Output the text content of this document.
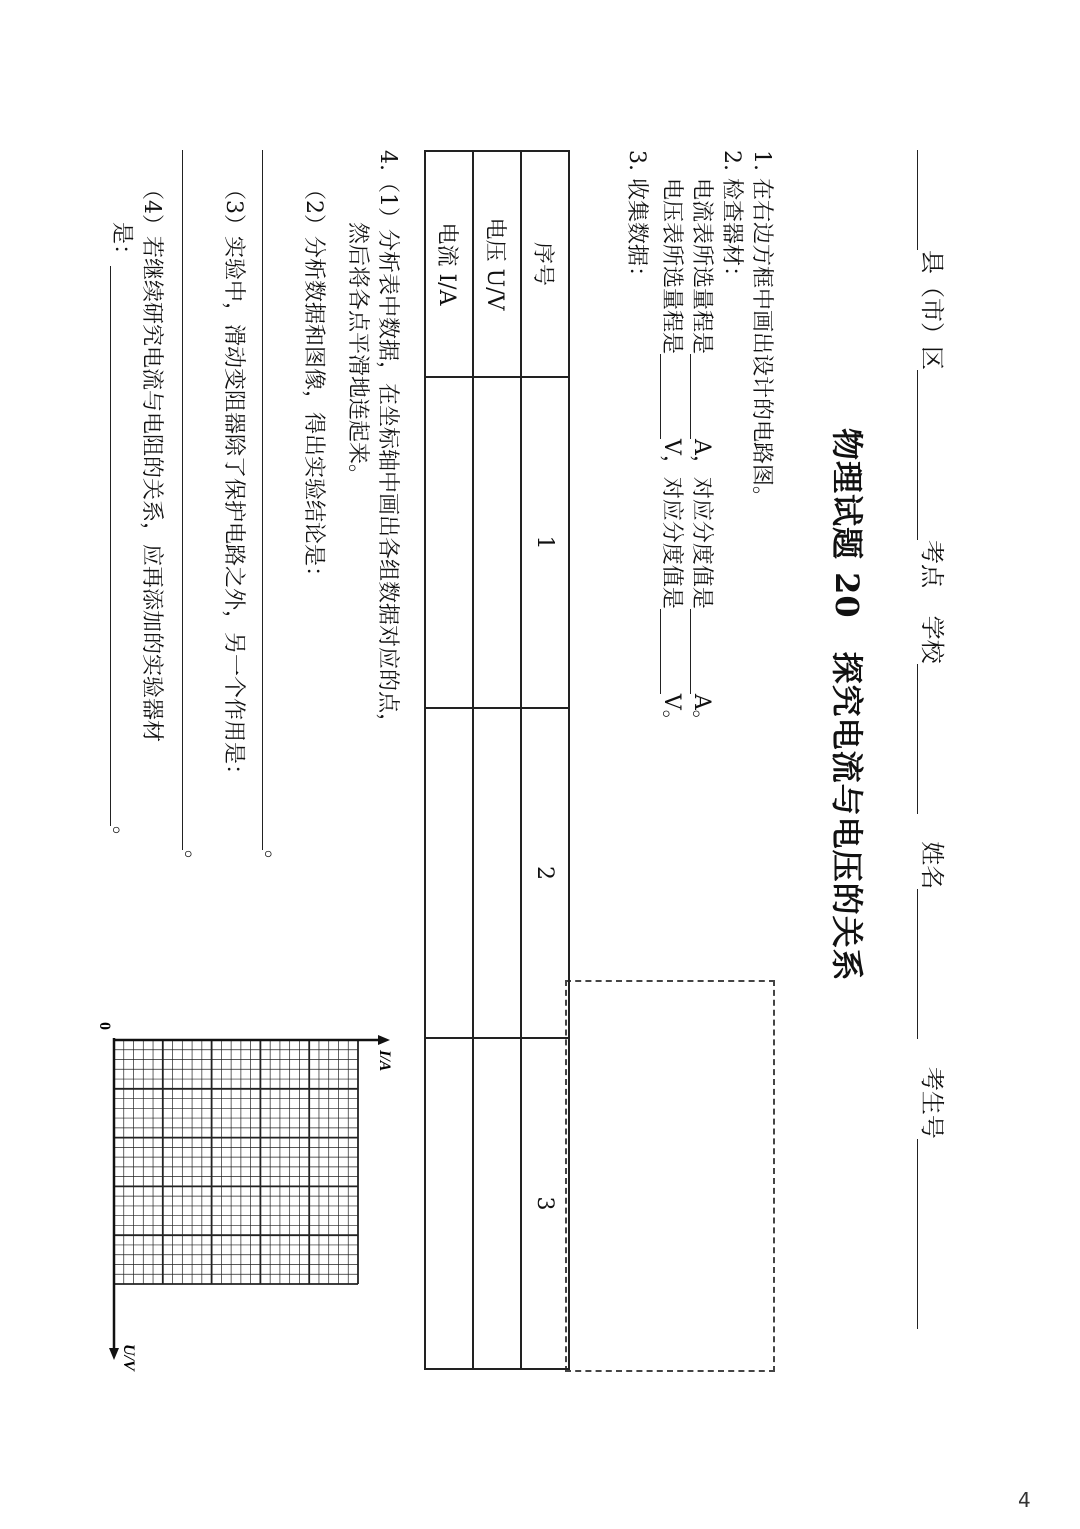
县（市）区考点 学校 姓名 考生号
物理试题 20　探究电流与电压的关系
1. 在右边方框中画出设计的电路图。
2. 检查器材：
电流表所选量程是A，对应分度值是A。
电压表所选量程是V，对应分度值是V。
3. 收集数据：
序号	1	2	3
电压 U/V			
电流 I/A			
4.（1）分析表中数据，在坐标轴中画出各组数据对应的点，
然后将各点平滑地连起来。
（2）分析数据和图像，得出实验结论是：
。
（3）实验中，滑动变阻器除了保护电路之外，另一个作用是：
。
（4）若继续研究电流与电阻的关系，应再添加的实验器材
是：。
I/A
U/V
0
4
